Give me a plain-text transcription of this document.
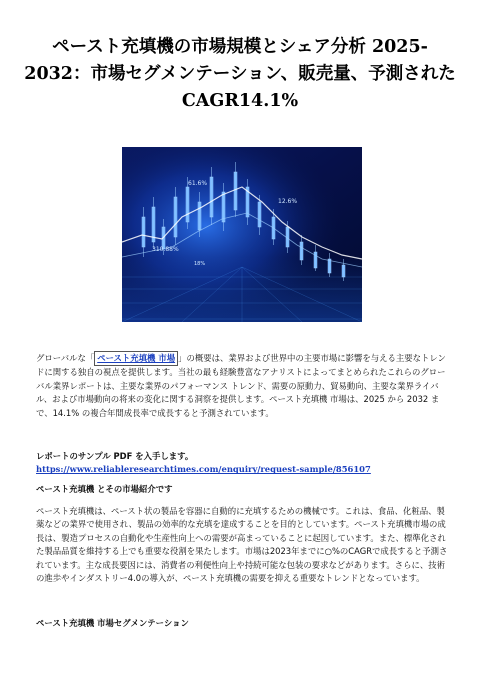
ペースト充填機の市場規模とシェア分析 2025-2032：市場セグメンテーション、販売量、予測されたCAGR14.1%
61.6%
310.88%
18%
12.6%

グローバルな「 ペースト充填機 市場 」の概要は、業界および世界中の主要市場に影響を与える主要なトレンドに関する独自の視点を提供します。当社の最も経験豊富なアナリストによってまとめられたこれらのグローバル業界レポートは、主要な業界のパフォーマンス トレンド、需要の原動力、貿易動向、主要な業界ライバル、および市場動向の将来の変化に関する洞察を提供します。ペースト充填機 市場は、2025 から 2032 まで、14.1% の複合年間成長率で成長すると予測されています。

レポートのサンプル PDF を入手します。 https://www.reliableresearchtimes.com/enquiry/request-sample/856107

ペースト充填機 とその市場紹介です

ペースト充填機は、ペースト状の製品を容器に自動的に充填するための機械です。これは、食品、化粧品、製薬などの業界で使用され、製品の効率的な充填を達成することを目的としています。ペースト充填機市場の成長は、製造プロセスの自動化や生産性向上への需要が高まっていることに起因しています。また、標準化された製品品質を維持する上でも重要な役割を果たします。市場は2023年までに○%のCAGRで成長すると予測されています。主な成長要因には、消費者の利便性向上や持続可能な包装の要求などがあります。さらに、技術の進歩やインダストリー4.0の導入が、ペースト充填機の需要を抑える重要なトレンドとなっています。

ペースト充填機 市場セグメンテーション
